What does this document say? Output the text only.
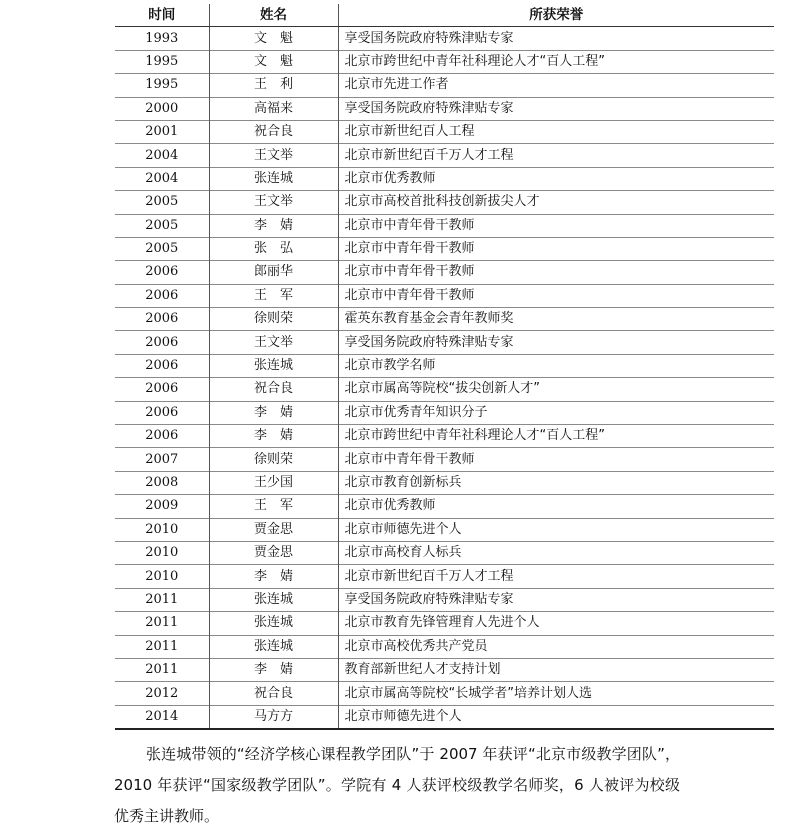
时间	姓名	所获荣誉
1993	文　魁	享受国务院政府特殊津贴专家
1995	文　魁	北京市跨世纪中青年社科理论人才“百人工程”
1995	王　利	北京市先进工作者
2000	高福来	享受国务院政府特殊津贴专家
2001	祝合良	北京市新世纪百人工程
2004	王文举	北京市新世纪百千万人才工程
2004	张连城	北京市优秀教师
2005	王文举	北京市高校首批科技创新拔尖人才
2005	李　婧	北京市中青年骨干教师
2005	张　弘	北京市中青年骨干教师
2006	郎丽华	北京市中青年骨干教师
2006	王　军	北京市中青年骨干教师
2006	徐则荣	霍英东教育基金会青年教师奖
2006	王文举	享受国务院政府特殊津贴专家
2006	张连城	北京市教学名师
2006	祝合良	北京市属高等院校“拔尖创新人才”
2006	李　婧	北京市优秀青年知识分子
2006	李　婧	北京市跨世纪中青年社科理论人才“百人工程”
2007	徐则荣	北京市中青年骨干教师
2008	王少国	北京市教育创新标兵
2009	王　军	北京市优秀教师
2010	贾金思	北京市师德先进个人
2010	贾金思	北京市高校育人标兵
2010	李　婧	北京市新世纪百千万人才工程
2011	张连城	享受国务院政府特殊津贴专家
2011	张连城	北京市教育先锋管理育人先进个人
2011	张连城	北京市高校优秀共产党员
2011	李　婧	教育部新世纪人才支持计划
2012	祝合良	北京市属高等院校“长城学者”培养计划人选
2014	马方方	北京市师德先进个人

张连城带领的“经济学核心课程教学团队”于 2007 年获评“北京市级教学团队”，2010 年获评“国家级教学团队”。学院有 4 人获评校级教学名师奖，6 人被评为校级优秀主讲教师。
